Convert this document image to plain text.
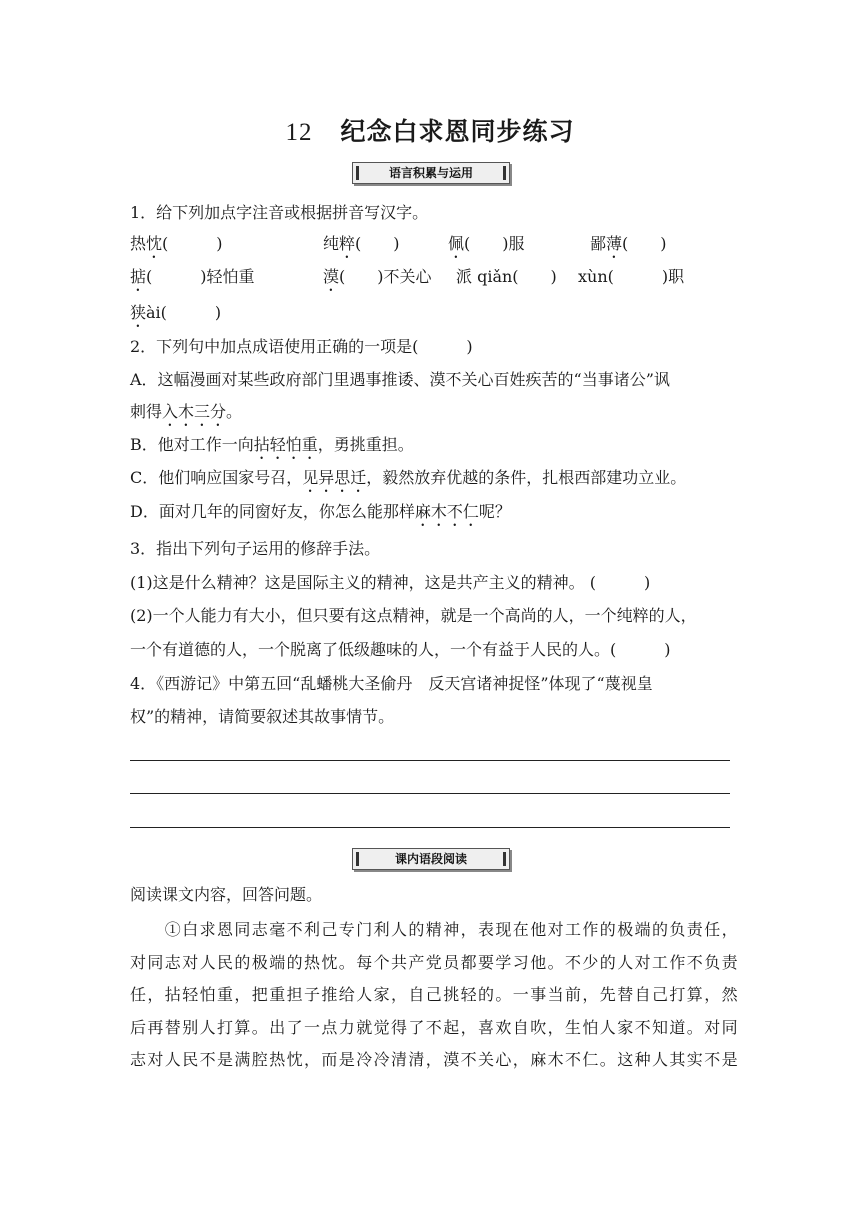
12 纪念白求恩同步练习
语言积累与运用
1．给下列加点字注音或根据拼音写汉字。
热忱(　　　)	纯粹(　　)	佩(　　)服	鄙薄(　　)
掂(　　　)轻怕重	漠(　　)不关心 派 qiǎn(　　) xùn(　　　)职
狭ài(　　　)
2．下列句中加点成语使用正确的一项是(　　　)
A．这幅漫画对某些政府部门里遇事推诿、漠不关心百姓疾苦的“当事诸公”讽
刺得入木三分。
B．他对工作一向拈轻怕重，勇挑重担。
C．他们响应国家号召，见异思迁，毅然放弃优越的条件，扎根西部建功立业。
D．面对几年的同窗好友，你怎么能那样麻木不仁呢？
3．指出下列句子运用的修辞手法。
(1)这是什么精神？这是国际主义的精神，这是共产主义的精神。 (　　　)
(2)一个人能力有大小，但只要有这点精神，就是一个高尚的人，一个纯粹的人，
一个有道德的人，一个脱离了低级趣味的人，一个有益于人民的人。(　　　)
4．《西游记》中第五回“乱蟠桃大圣偷丹　反天宫诸神捉怪”体现了“蔑视皇
权”的精神，请简要叙述其故事情节。
课内语段阅读
阅读课文内容，回答问题。
　　①白求恩同志毫不利己专门利人的精神，表现在他对工作的极端的负责任，
对同志对人民的极端的热忱。每个共产党员都要学习他。不少的人对工作不负责
任，拈轻怕重，把重担子推给人家，自己挑轻的。一事当前，先替自己打算，然
后再替别人打算。出了一点力就觉得了不起，喜欢自吹，生怕人家不知道。对同
志对人民不是满腔热忱，而是冷冷清清，漠不关心，麻木不仁。这种人其实不是
